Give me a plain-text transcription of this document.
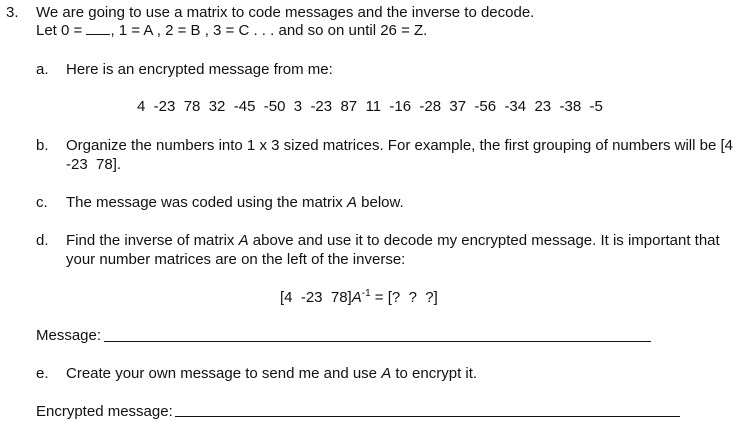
3. We are going to use a matrix to code messages and the inverse to decode.
Let 0 = , 1 = A , 2 = B , 3 = C . . . and so on until 26 = Z.
a. Here is an encrypted message from me:
4  -23  78  32  -45  -50  3  -23  87  11  -16  -28  37  -56  -34  23  -38  -5
b. Organize the numbers into 1 x 3 sized matrices. For example, the first grouping of numbers will be [4
-23  78].
c. The message was coded using the matrix A below.
d. Find the inverse of matrix A above and use it to decode my encrypted message. It is important that
your number matrices are on the left of the inverse:
[4  -23  $78]A^{-1}$ = [?  ?  ?]
Message:
e. Create your own message to send me and use A to encrypt it.
Encrypted message:
